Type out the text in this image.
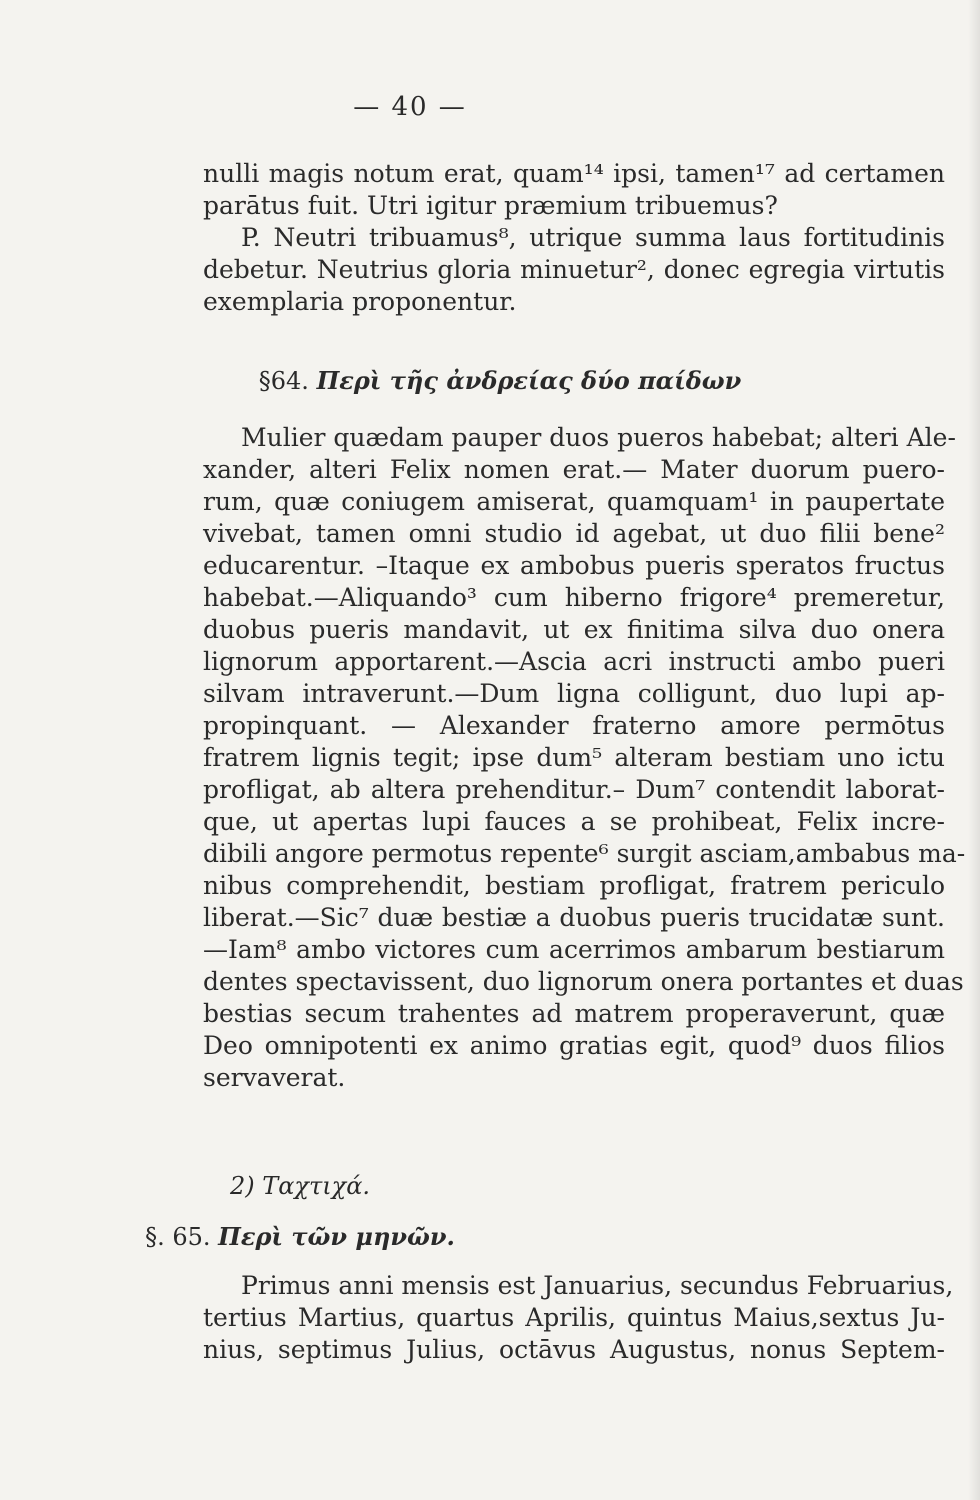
— 40 —
nulli magis notum erat, quam¹⁴ ipsi, tamen¹⁷ ad certamen
parātus fuit. Utri igitur præmium tribuemus?
P. Neutri tribuamus⁸, utrique summa laus fortitudinis
debetur. Neutrius gloria minuetur², donec egregia virtutis
exemplaria proponentur.
§64. Περὶ τῆς ἀνδρείας δύο παίδων
Mulier quædam pauper duos pueros habebat; alteri Ale-
xander, alteri Felix nomen erat.— Mater duorum puero-
rum, quæ coniugem amiserat, quamquam¹ in paupertate
vivebat, tamen omni studio id agebat, ut duo filii bene²
educarentur. –Itaque ex ambobus pueris speratos fructus
habebat.—Aliquando³ cum hiberno frigore⁴ premeretur,
duobus pueris mandavit, ut ex finitima silva duo onera
lignorum apportarent.—Ascia acri instructi ambo pueri
silvam intraverunt.—Dum ligna colligunt, duo lupi ap-
propinquant. — Alexander fraterno amore permōtus
fratrem lignis tegit; ipse dum⁵ alteram bestiam uno ictu
profligat, ab altera prehenditur.– Dum⁷ contendit laborat-
que, ut apertas lupi fauces a se prohibeat, Felix incre-
dibili angore permotus repente⁶ surgit asciam,ambabus ma-
nibus comprehendit, bestiam profligat, fratrem periculo
liberat.—Sic⁷ duæ bestiæ a duobus pueris trucidatæ sunt.
—Iam⁸ ambo victores cum acerrimos ambarum bestiarum
dentes spectavissent, duo lignorum onera portantes et duas
bestias secum trahentes ad matrem properaverunt, quæ
Deo omnipotenti ex animo gratias egit, quod⁹ duos filios
servaverat.
2) Ταχτιχά.
§. 65. Περὶ τῶν μηνῶν.
Primus anni mensis est Januarius, secundus Februarius,
tertius Martius, quartus Aprilis, quintus Maius,sextus Ju-
nius, septimus Julius, octāvus Augustus, nonus Septem-
